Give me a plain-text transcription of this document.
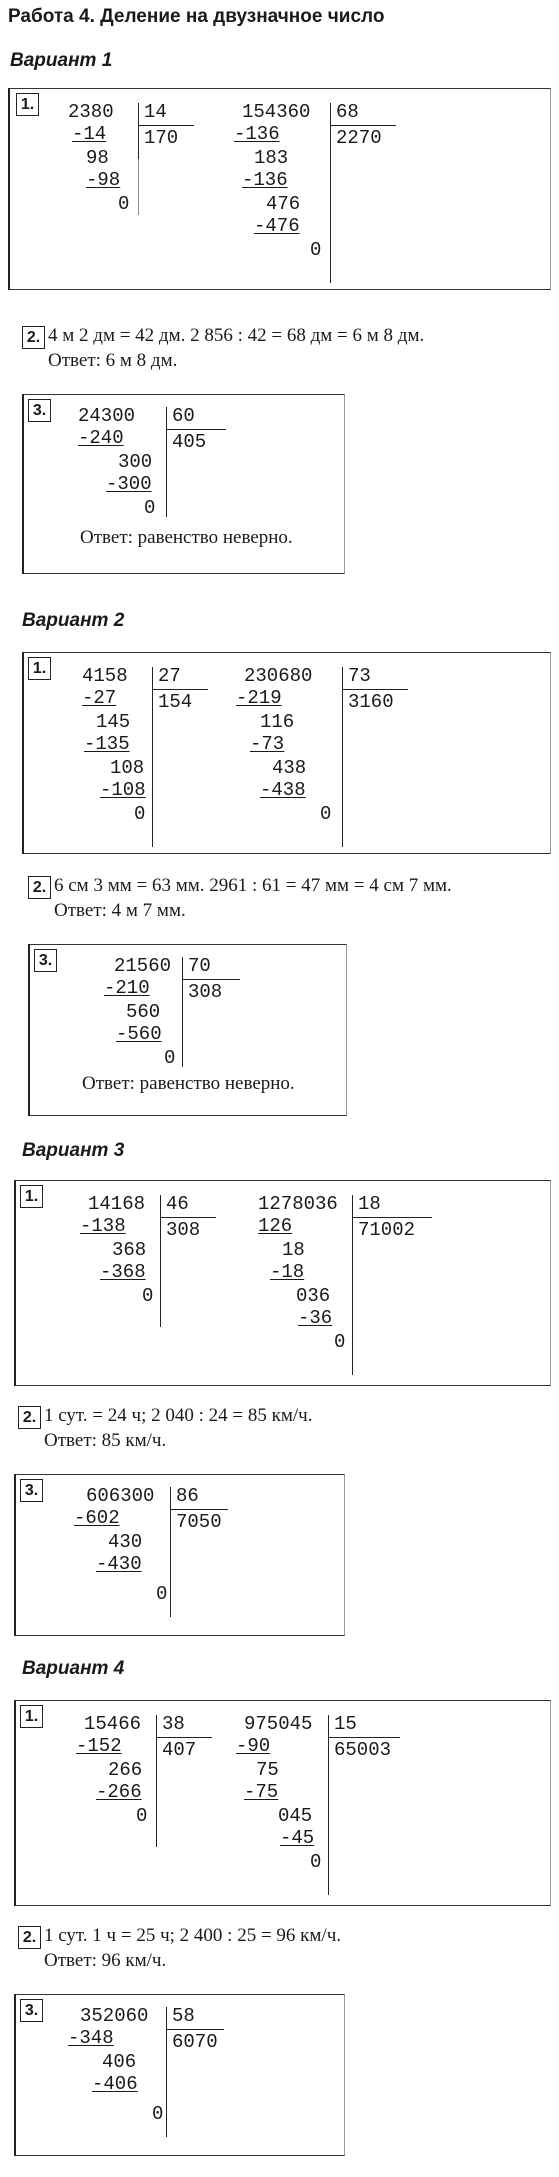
Работа 4. Деление на двузначное число
Вариант 1
1. 2380 14
170
-14
98
-98
0
154360 68
2270
-136
183
-136
476
-476
0
2. 4 м 2 дм = 42 дм. 2 856 : 42 = 68 дм = 6 м 8 дм.
Ответ: 6 м 8 дм.
3. 24300 60
405
-240
300
-300
0
Ответ: равенство неверно.
Вариант 2
1. 4158 27
154
-27
145
-135
108
-108
0
230680 73
3160
-219
116
-73
438
-438
0
2. 6 см 3 мм = 63 мм. 2961 : 61 = 47 мм = 4 см 7 мм.
Ответ: 4 м 7 мм.
3.	21560 70
308
-210
560
-560
0
Ответ: равенство неверно.
Вариант 3
1.	14168 46
308
-138
368
-368
0
1278036 18
71002
126
18
-18
036
-36
0
2. 1 сут. = 24 ч; 2 040 : 24 = 85 км/ч.
Ответ: 85 км/ч.
3.	606300 86
7050
-602
430
-430
0
Вариант 4
1. 15466 38
407
-152
266
-266
0
975045 15
65003
-90
75
-75
045
-45
0
2. 1 сут. 1 ч = 25 ч; 2 400 : 25 = 96 км/ч.
Ответ: 96 км/ч.
3. 352060 58
6070
-348
406
-406
0
